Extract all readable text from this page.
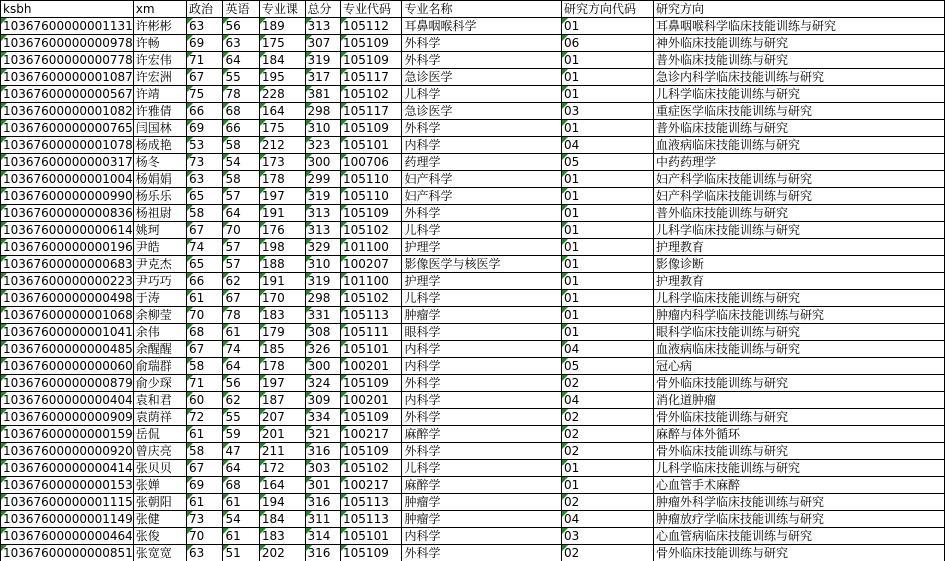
ksbh	xm	政治	英语	专业课	总分	专业代码	专业名称	研究方向代码	研究方向
10367600000001131	许彬彬	63	56	189	313	105112	耳鼻咽喉科学	01	耳鼻咽喉科学临床技能训练与研究
10367600000000978	许畅	69	63	175	307	105109	外科学	06	神外临床技能训练与研究
10367600000000778	许宏伟	71	64	184	319	105109	外科学	01	普外临床技能训练与研究
10367600000001087	许宏洲	67	55	195	317	105117	急诊医学	01	急诊内科学临床技能训练与研究
10367600000000567	许靖	75	78	228	381	105102	儿科学	01	儿科学临床技能训练与研究
10367600000001082	许雅倩	66	68	164	298	105117	急诊医学	03	重症医学临床技能训练与研究
10367600000000765	闫国林	69	66	175	310	105109	外科学	01	普外临床技能训练与研究
10367600000001078	杨成艳	53	58	212	323	105101	内科学	04	血液病临床技能训练与研究
10367600000000317	杨冬	73	54	173	300	100706	药理学	05	中药药理学
10367600000001004	杨娟娟	63	58	178	299	105110	妇产科学	01	妇产科学临床技能训练与研究
10367600000000990	杨乐乐	65	57	197	319	105110	妇产科学	01	妇产科学临床技能训练与研究
10367600000000836	杨祖尉	58	64	191	313	105109	外科学	01	普外临床技能训练与研究
10367600000000614	姚珂	67	70	176	313	105102	儿科学	01	儿科学临床技能训练与研究
10367600000000196	尹皓	74	57	198	329	101100	护理学	01	护理教育
10367600000000683	尹克杰	65	57	188	310	100207	影像医学与核医学	01	影像诊断
10367600000000223	尹巧巧	66	62	191	319	101100	护理学	01	护理教育
10367600000000498	于涛	61	67	170	298	105102	儿科学	01	儿科学临床技能训练与研究
10367600000001068	余柳莹	70	78	183	331	105113	肿瘤学	01	肿瘤内科学临床技能训练与研究
10367600000001041	余伟	68	61	179	308	105111	眼科学	01	眼科学临床技能训练与研究
10367600000000485	余醒醒	67	74	185	326	105101	内科学	04	血液病临床技能训练与研究
10367600000000060	俞瑞群	58	64	178	300	100201	内科学	05	冠心病
10367600000000879	俞少琛	71	56	197	324	105109	外科学	02	骨外临床技能训练与研究
10367600000000404	袁和君	60	62	187	309	100201	内科学	04	消化道肿瘤
10367600000000909	袁荫祥	72	55	207	334	105109	外科学	02	骨外临床技能训练与研究
10367600000000159	岳侃	61	59	201	321	100217	麻醉学	02	麻醉与体外循环
10367600000000920	曾庆亮	58	47	211	316	105109	外科学	02	骨外临床技能训练与研究
10367600000000414	张贝贝	67	64	172	303	105102	儿科学	01	儿科学临床技能训练与研究
10367600000000153	张婵	69	68	164	301	100217	麻醉学	01	心血管手术麻醉
10367600000001115	张朝阳	61	61	194	316	105113	肿瘤学	02	肿瘤外科学临床技能训练与研究
10367600000001149	张健	73	54	184	311	105113	肿瘤学	04	肿瘤放疗学临床技能训练与研究
10367600000000464	张俊	70	61	183	314	105101	内科学	03	心血管病临床技能训练与研究
10367600000000851	张宽宽	63	51	202	316	105109	外科学	02	骨外临床技能训练与研究
